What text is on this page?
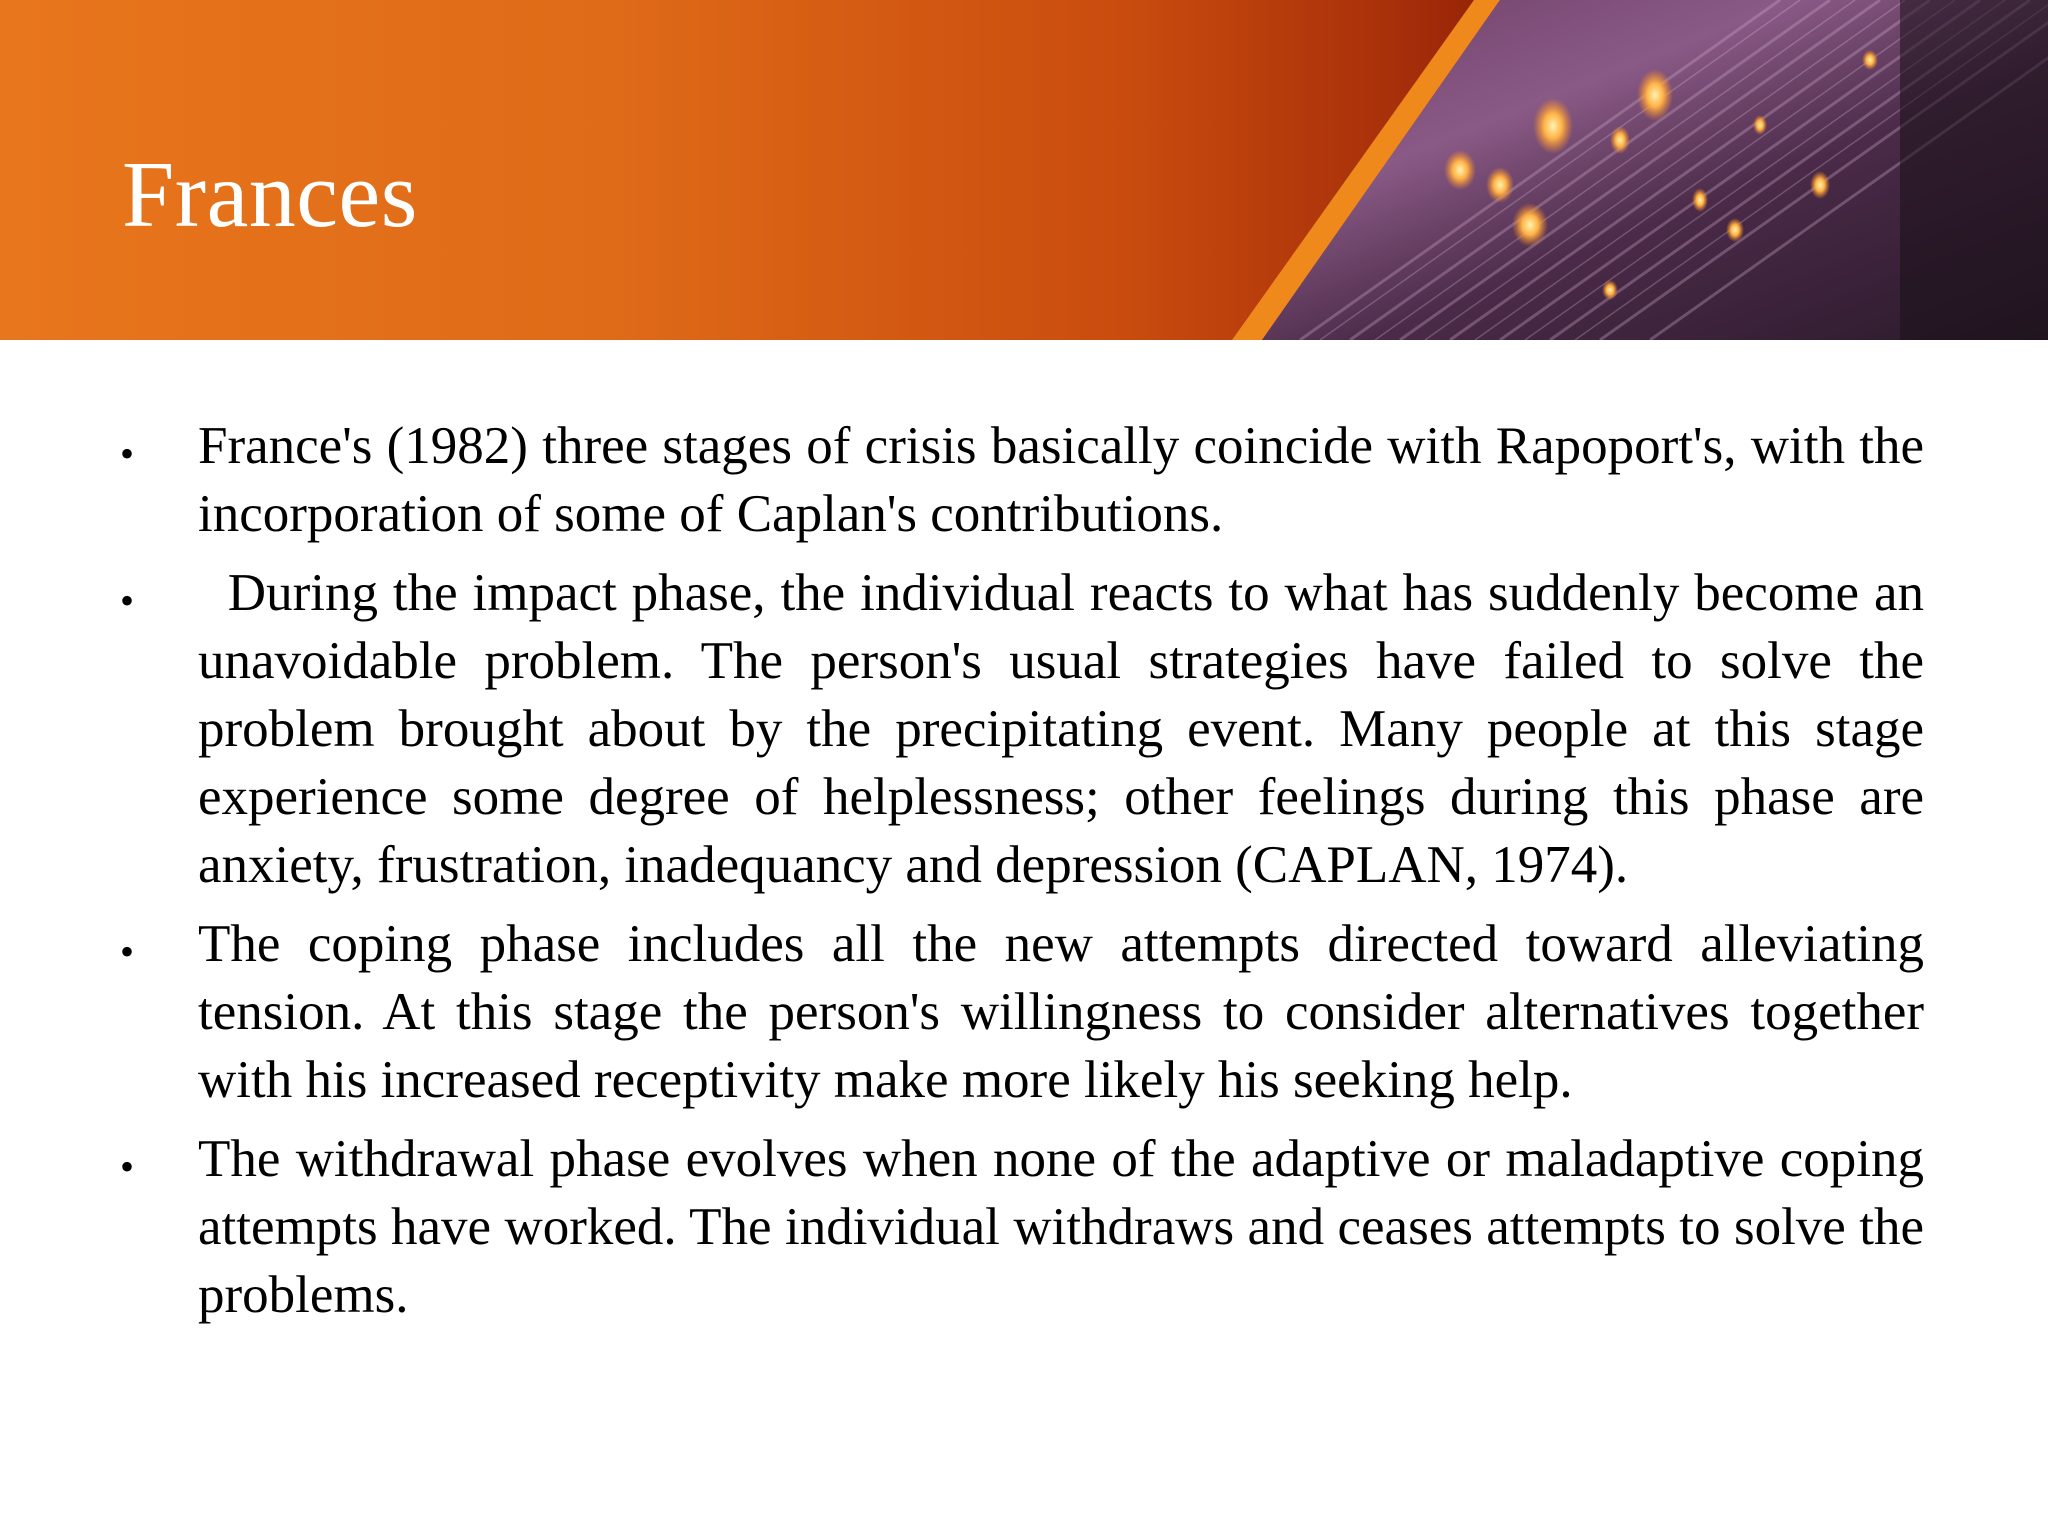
Frances
• France's (1982) three stages of crisis basically coincide with Rapoport's, with the incorporation of some of Caplan's contributions.
• During the impact phase, the individual reacts to what has suddenly become an unavoidable problem. The person's usual strategies have failed to solve the problem brought about by the precipitating event. Many people at this stage experience some degree of helplessness; other feelings during this phase are anxiety, frustration, inadequancy and depression (CAPLAN, 1974).
• The coping phase includes all the new attempts directed toward alleviating tension. At this stage the person's willingness to consider alternatives together with his increased receptivity make more likely his seeking help.
• The withdrawal phase evolves when none of the adaptive or maladaptive coping attempts have worked. The individual withdraws and ceases attempts to solve the problems.
